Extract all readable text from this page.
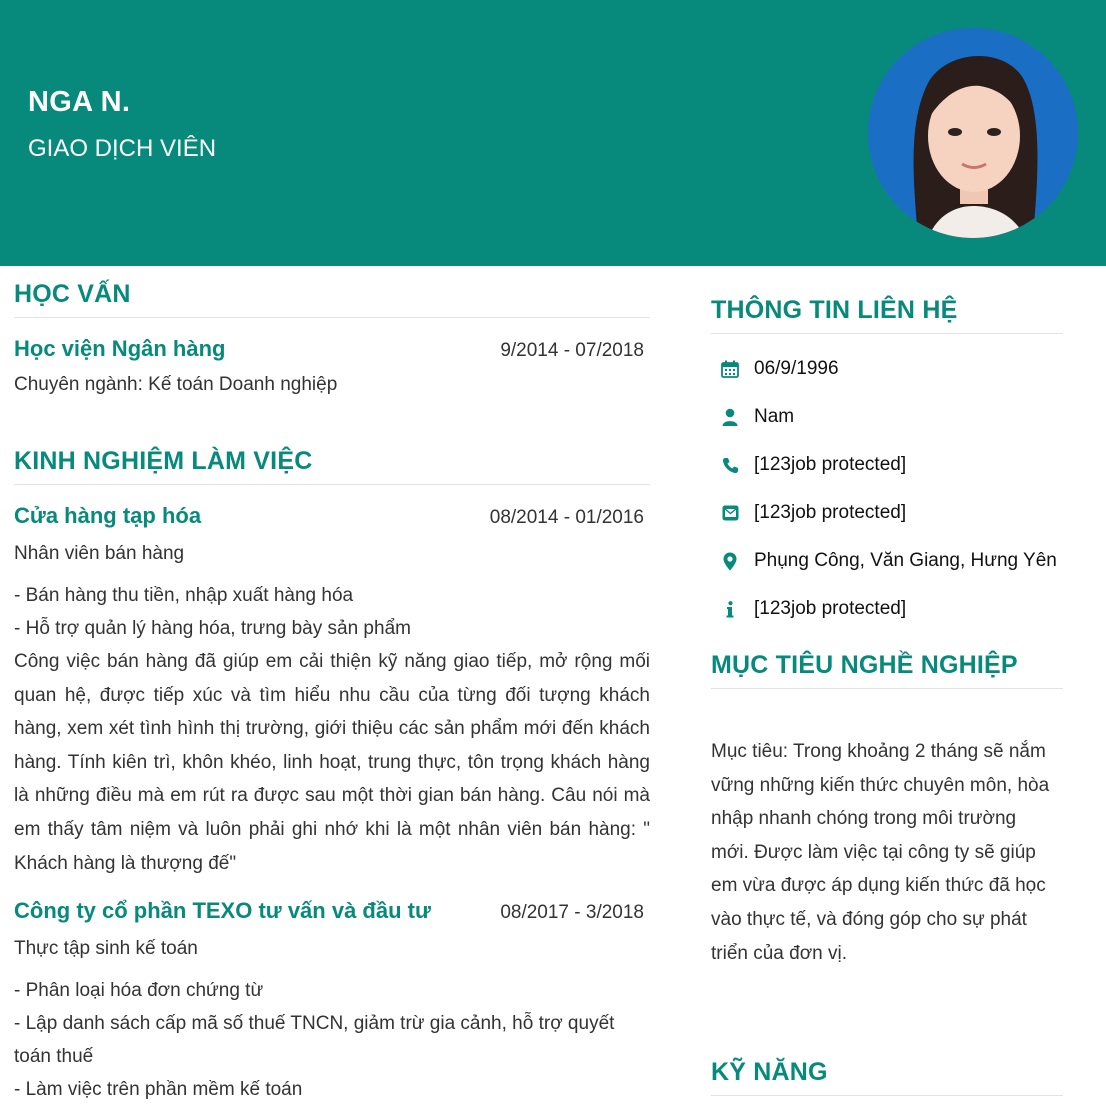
NGA N.
GIAO DỊCH VIÊN
HỌC VẤN
Học viện Ngân hàng	9/2014 - 07/2018
Chuyên ngành: Kế toán Doanh nghiệp
KINH NGHIỆM LÀM VIỆC
Cửa hàng tạp hóa	08/2014 - 01/2016
Nhân viên bán hàng
- Bán hàng thu tiền, nhập xuất hàng hóa
- Hỗ trợ quản lý hàng hóa, trưng bày sản phẩm
Công việc bán hàng đã giúp em cải thiện kỹ năng giao tiếp, mở rộng mối quan hệ, được tiếp xúc và tìm hiểu nhu cầu của từng đối tượng khách hàng, xem xét tình hình thị trường, giới thiệu các sản phẩm mới đến khách hàng. Tính kiên trì, khôn khéo, linh hoạt, trung thực, tôn trọng khách hàng là những điều mà em rút ra được sau một thời gian bán hàng. Câu nói mà em thấy tâm niệm và luôn phải ghi nhớ khi là một nhân viên bán hàng: " Khách hàng là thượng đế"
Công ty cổ phần TEXO tư vấn và đầu tư	08/2017 - 3/2018
Thực tập sinh kế toán
- Phân loại hóa đơn chứng từ
- Lập danh sách cấp mã số thuế TNCN, giảm trừ gia cảnh, hỗ trợ quyết toán thuế
- Làm việc trên phần mềm kế toán
THÔNG TIN LIÊN HỆ
06/9/1996
Nam
[123job protected]
[123job protected]
Phụng Công, Văn Giang, Hưng Yên
[123job protected]
MỤC TIÊU NGHỀ NGHIỆP
Mục tiêu: Trong khoảng 2 tháng sẽ nắm
vững những kiến thức chuyên môn, hòa
nhập nhanh chóng trong môi trường
mới. Được làm việc tại công ty sẽ giúp
em vừa được áp dụng kiến thức đã học
vào thực tế, và đóng góp cho sự phát
triển của đơn vị.
KỸ NĂNG
